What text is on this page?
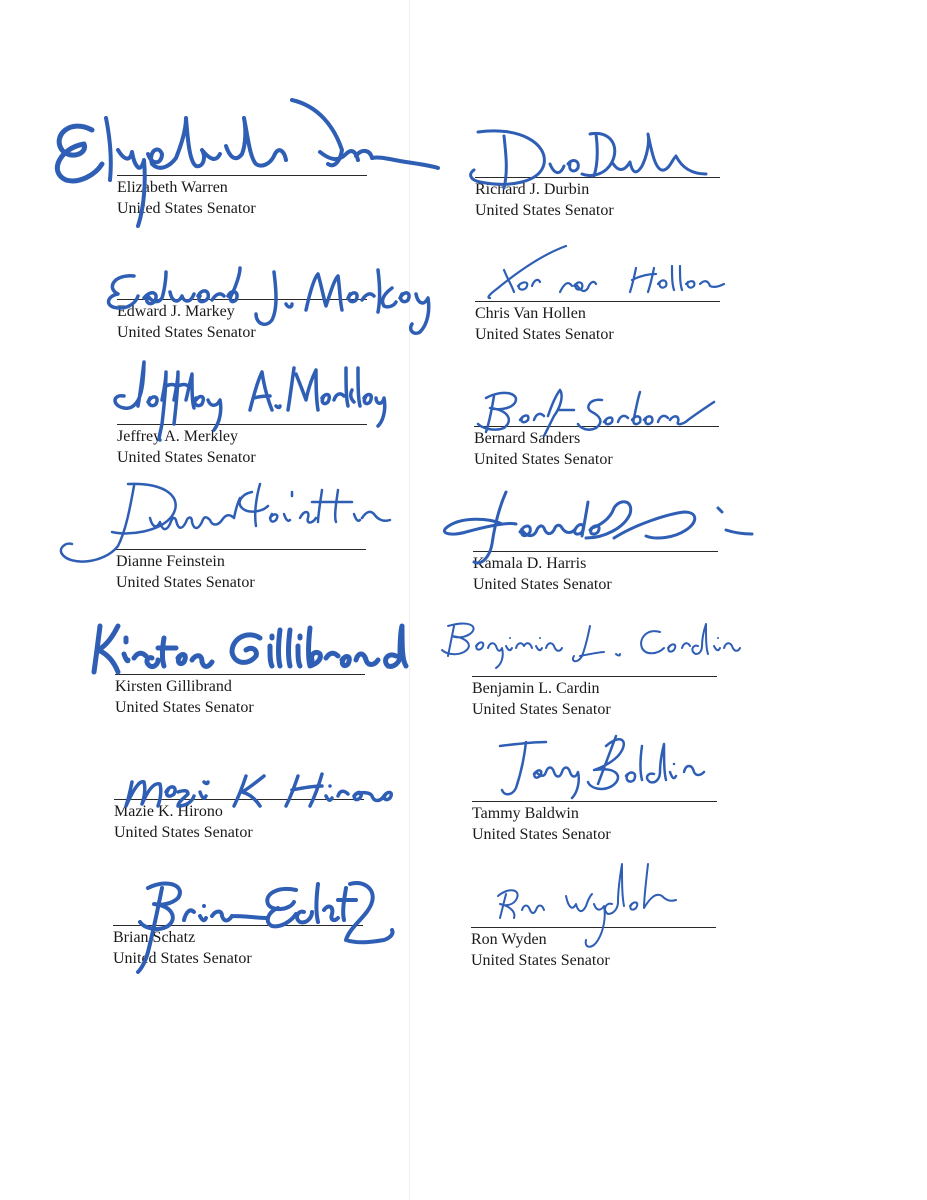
Elizabeth Warren
United States Senator
Richard J. Durbin
United States Senator
Edward J. Markey
United States Senator
Chris Van Hollen
United States Senator
Jeffrey A. Merkley
United States Senator
Bernard Sanders
United States Senator
Dianne Feinstein
United States Senator
Kamala D. Harris
United States Senator
Kirsten Gillibrand
United States Senator
Benjamin L. Cardin
United States Senator
Mazie K. Hirono
United States Senator
Tammy Baldwin
United States Senator
Brian Schatz
United States Senator
Ron Wyden
United States Senator
